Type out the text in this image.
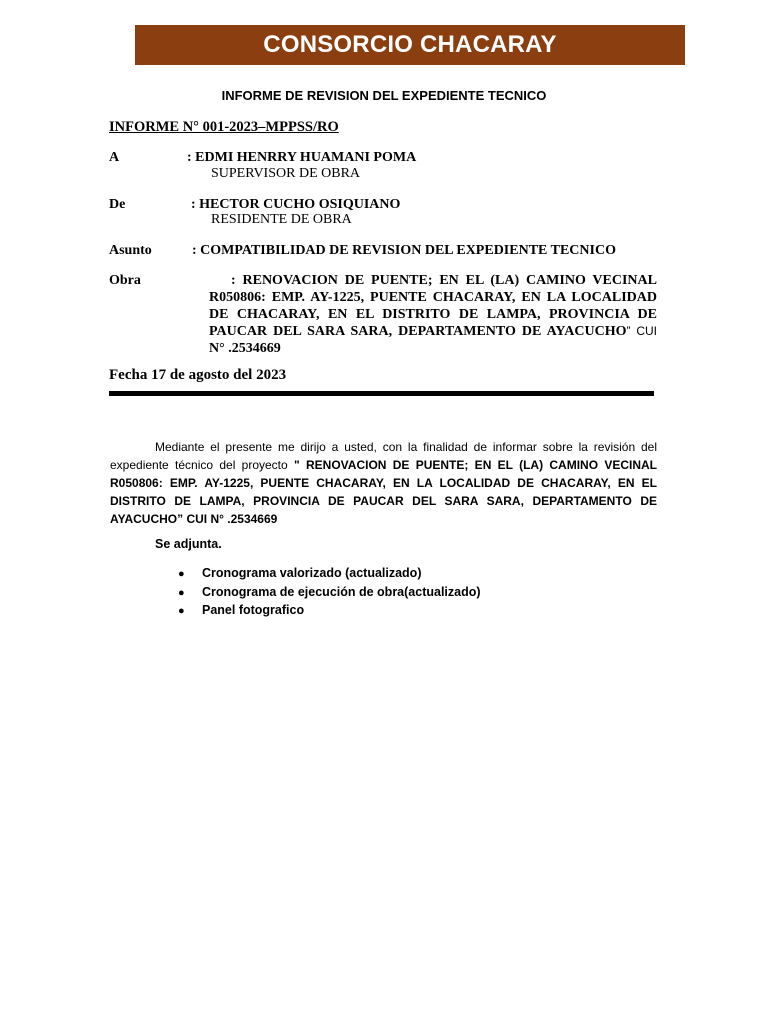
CONSORCIO CHACARAY
INFORME DE REVISION DEL EXPEDIENTE TECNICO
INFORME N° 001-2023–MPPSS/RO
A	: EDMI HENRRY HUAMANI POMA
SUPERVISOR DE OBRA
De	: HECTOR CUCHO OSIQUIANO
RESIDENTE DE OBRA
Asunto	: COMPATIBILIDAD DE REVISION DEL EXPEDIENTE TECNICO
Obra	: RENOVACION DE PUENTE; EN EL (LA) CAMINO VECINAL R050806: EMP. AY-1225, PUENTE CHACARAY, EN LA LOCALIDAD DE CHACARAY, EN EL DISTRITO DE LAMPA, PROVINCIA DE PAUCAR DEL SARA SARA, DEPARTAMENTO DE AYACUCHO” CUI N° .2534669
Fecha 17 de agosto del 2023
Mediante el presente me dirijo a usted, con la finalidad de informar sobre la revisión del expediente técnico del proyecto " RENOVACION DE PUENTE; EN EL (LA) CAMINO VECINAL R050806: EMP. AY-1225, PUENTE CHACARAY, EN LA LOCALIDAD DE CHACARAY, EN EL DISTRITO DE LAMPA, PROVINCIA DE PAUCAR DEL SARA SARA, DEPARTAMENTO DE AYACUCHO” CUI N° .2534669
Se adjunta.
● Cronograma valorizado (actualizado)
● Cronograma de ejecución de obra(actualizado)
● Panel fotografico
